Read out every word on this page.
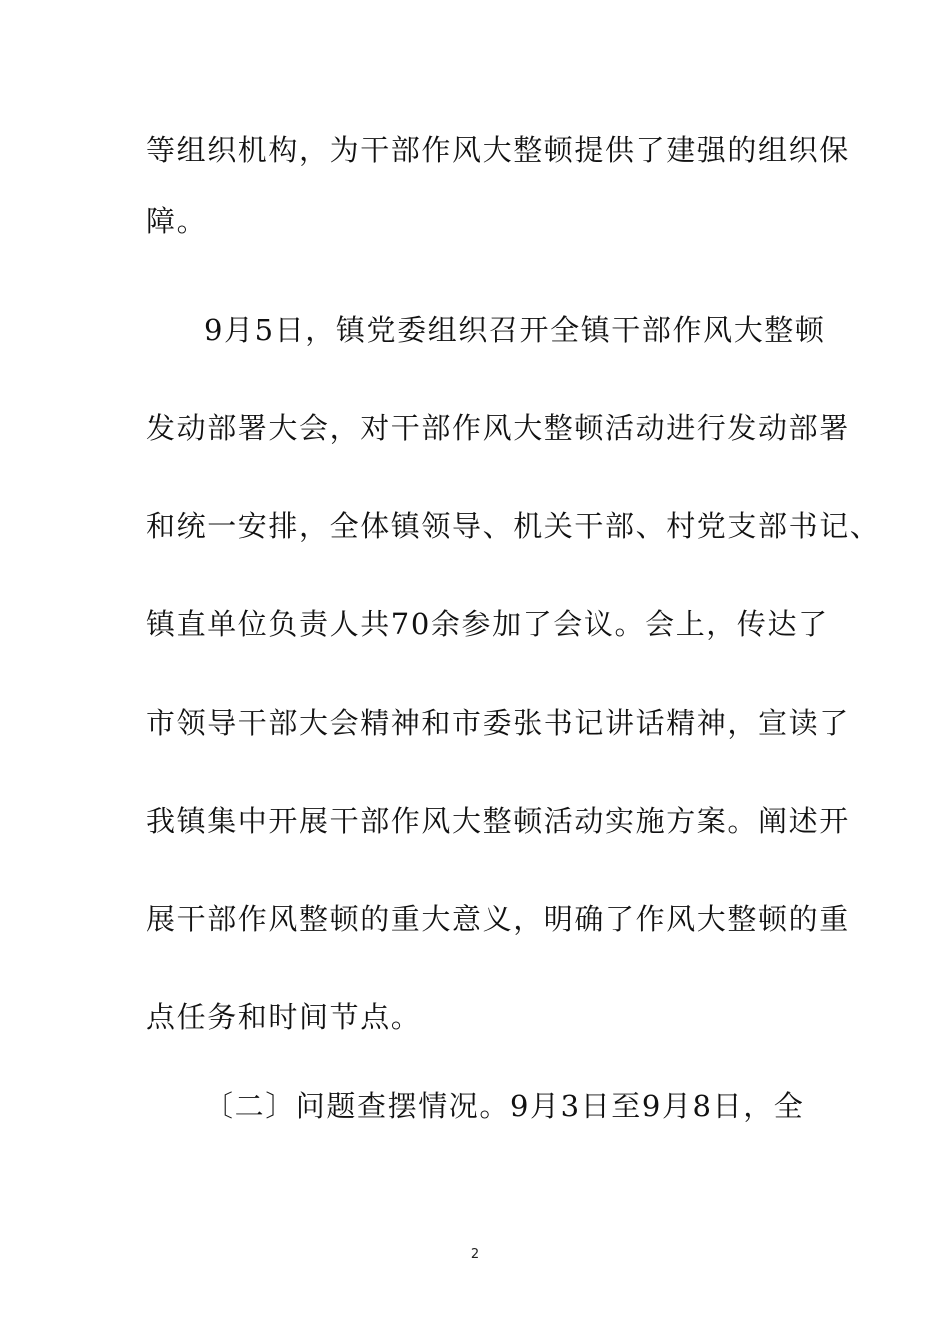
等组织机构，为干部作风大整顿提供了建强的组织保
障。
9月5日，镇党委组织召开全镇干部作风大整顿
发动部署大会，对干部作风大整顿活动进行发动部署
和统一安排，全体镇领导、机关干部、村党支部书记、
镇直单位负责人共70余参加了会议。会上，传达了
市领导干部大会精神和市委张书记讲话精神，宣读了
我镇集中开展干部作风大整顿活动实施方案。阐述开
展干部作风整顿的重大意义，明确了作风大整顿的重
点任务和时间节点。
〔二〕问题查摆情况。9月3日至9月8日，全
2
